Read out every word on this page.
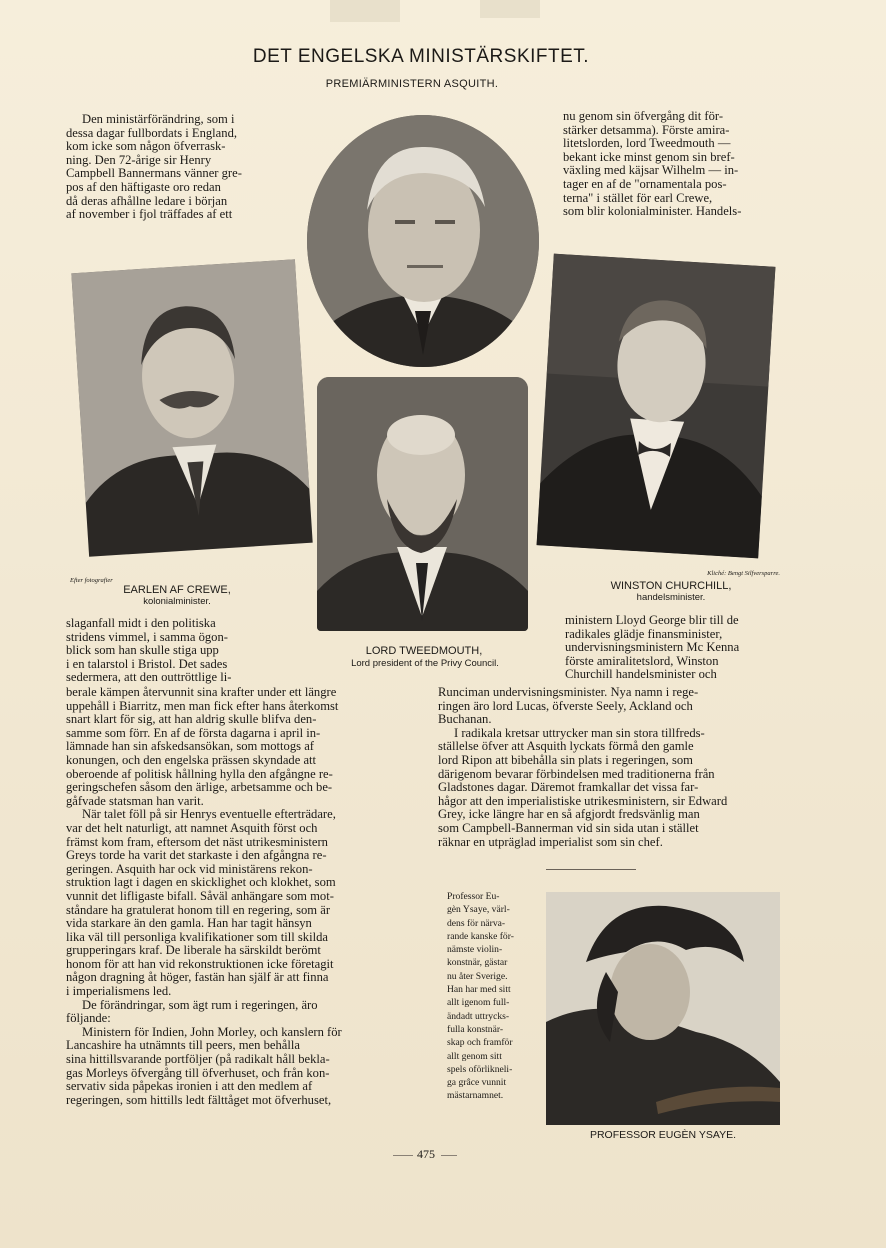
DET ENGELSKA MINISTÄRSKIFTET.
PREMIÄRMINISTERN ASQUITH.

Den ministärförändring, som i

dessa dagar fullbordats i England,

kom icke som någon öfverrask-

ning. Den 72-årige sir Henry

Campbell Bannermans vänner gre-

pos af den häftigaste oro redan

då deras afhållne ledare i början

af november i fjol träffades af ett

nu genom sin öfvergång dit för-

stärker detsamma). Förste amira-

litetslorden, lord Tweedmouth —

bekant icke minst genom sin bref-

växling med käjsar Wilhelm — in-

tager en af de "ornamentala pos-

terna" i stället för earl Crewe,

som blir kolonialminister. Handels-

Efter fotografier
EARLEN AF CREWE,
kolonialminister.
Kliché: Bengt Silfversparre.
WINSTON CHURCHILL,
handelsminister.
LORD TWEEDMOUTH,
Lord president of the Privy Council.

slaganfall midt i den politiska

stridens vimmel, i samma ögon-

blick som han skulle stiga upp

i en talarstol i Bristol. Det sades

sedermera, att den outtröttlige li-

ministern Lloyd George blir till de

radikales glädje finansminister,

undervisningsministern Mc Kenna

förste amiralitetslord, Winston

Churchill handelsminister och

berale kämpen återvunnit sina krafter under ett längre

uppehåll i Biarritz, men man fick efter hans återkomst

snart klart för sig, att han aldrig skulle blifva den-

samme som förr. En af de första dagarna i april in-

lämnade han sin afskedsansökan, som mottogs af

konungen, och den engelska prässen skyndade att

oberoende af politisk hållning hylla den afgångne re-

geringschefen såsom den ärlige, arbetsamme och be-

gåfvade statsman han varit.

När talet föll på sir Henrys eventuelle efterträdare,

var det helt naturligt, att namnet Asquith först och

främst kom fram, eftersom det näst utrikesministern

Greys torde ha varit det starkaste i den afgångna re-

geringen. Asquith har ock vid ministärens rekon-

struktion lagt i dagen en skicklighet och klokhet, som

vunnit det lifligaste bifall. Såväl anhängare som mot-

ståndare ha gratulerat honom till en regering, som är

vida starkare än den gamla. Han har tagit hänsyn

lika väl till personliga kvalifikationer som till skilda

grupperingars kraf. De liberale ha särskildt berömt

honom för att han vid rekonstruktionen icke företagit

någon dragning åt höger, fastän han själf är att finna

i imperialismens led.

De förändringar, som ägt rum i regeringen, äro

följande:

Ministern för Indien, John Morley, och kanslern för

Lancashire ha utnämnts till peers, men behålla

sina hittillsvarande portföljer (på radikalt håll bekla-

gas Morleys öfvergång till öfverhuset, och från kon-

servativ sida påpekas ironien i att den medlem af

regeringen, som hittills ledt fälttåget mot öfverhuset,

Runciman undervisningsminister. Nya namn i rege-

ringen äro lord Lucas, öfverste Seely, Ackland och

Buchanan.

I radikala kretsar uttrycker man sin stora tillfreds-

ställelse öfver att Asquith lyckats förmå den gamle

lord Ripon att bibehålla sin plats i regeringen, som

därigenom bevarar förbindelsen med traditionerna från

Gladstones dagar. Däremot framkallar det vissa far-

hågor att den imperialistiske utrikesministern, sir Edward

Grey, icke längre har en så afgjordt fredsvänlig man

som Campbell-Bannerman vid sin sida utan i stället

räknar en utpräglad imperialist som sin chef.

Professor Eu-
gèn Ysaye, värl-
dens för närva-
rande kanske för-
nämste violin-
konstnär, gästar
nu åter Sverige.
Han har med sitt
allt igenom full-
ändadt uttrycks-
fulla konstnär-
skap och framför
allt genom sitt
spels oförlikneli-
ga grâce vunnit
mästarnamnet.
PROFESSOR EUGÈN YSAYE.
475
